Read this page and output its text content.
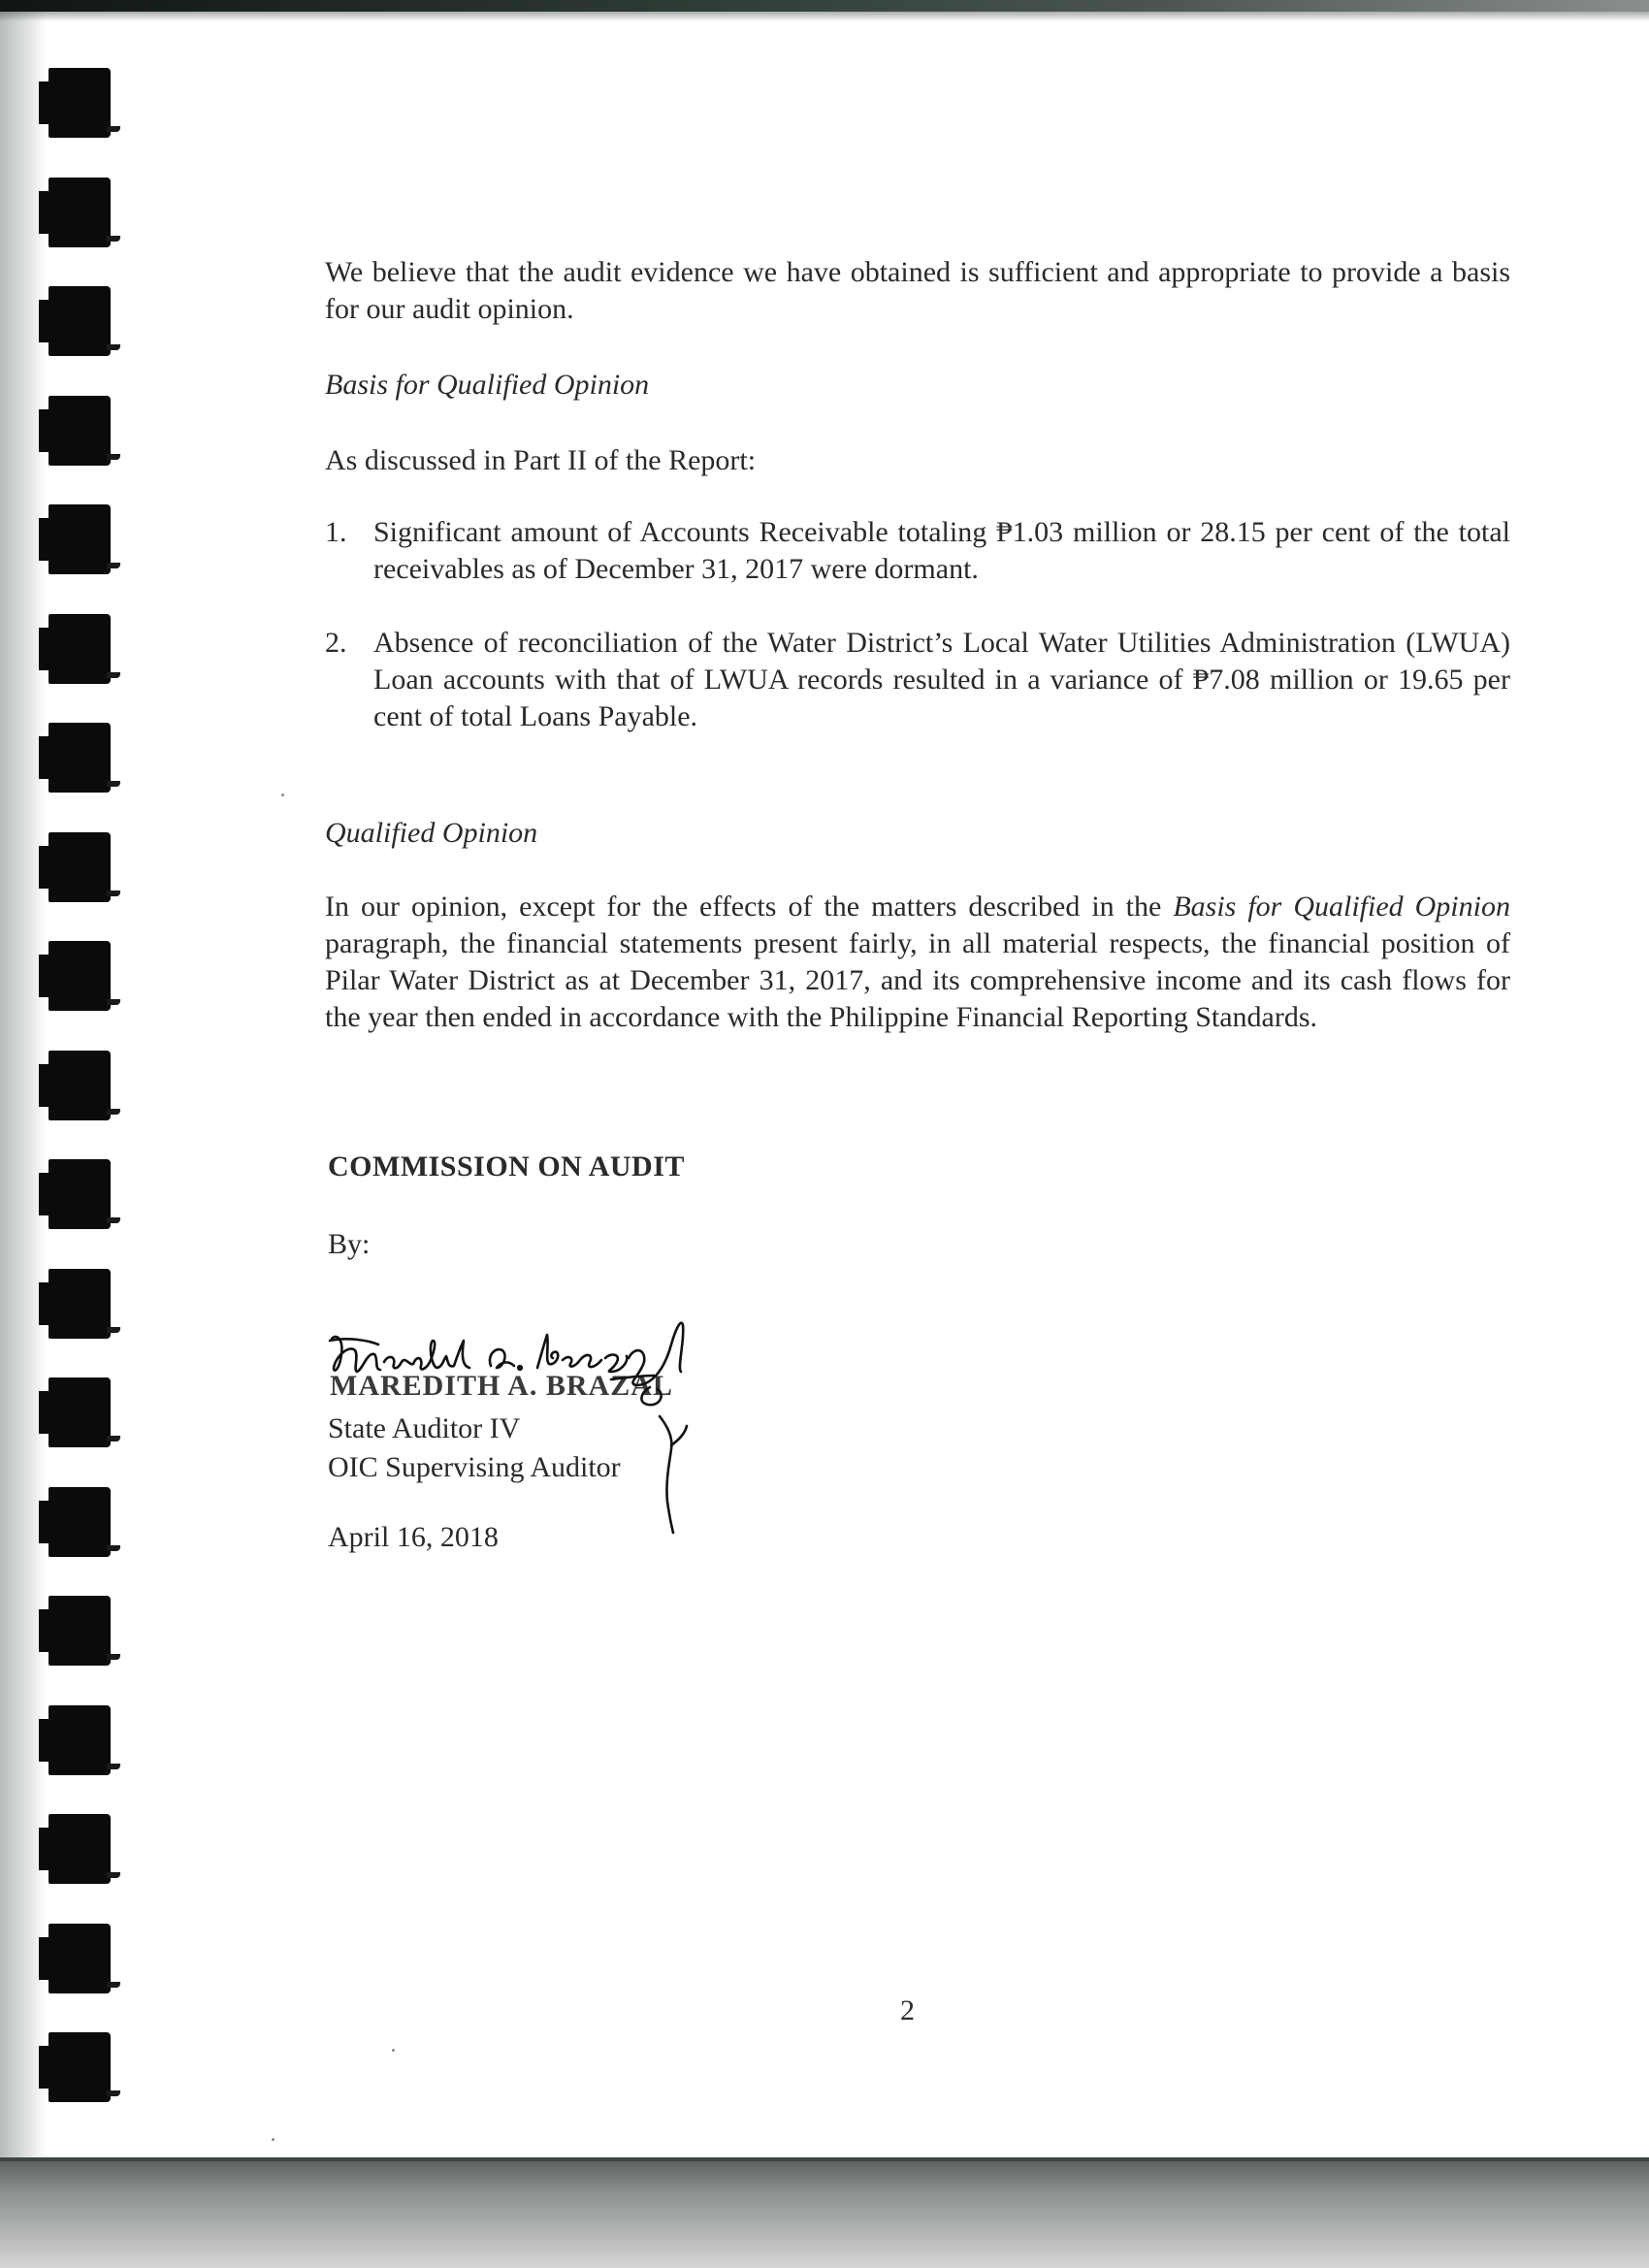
We believe that the audit evidence we have obtained is sufficient and appropriate to provide a basis for our audit opinion.

Basis for Qualified Opinion

As discussed in Part II of the Report:

1. Significant amount of Accounts Receivable totaling ₱1.03 million or 28.15 per cent of the total receivables as of December 31, 2017 were dormant.
2. Absence of reconciliation of the Water District’s Local Water Utilities Administration (LWUA) Loan accounts with that of LWUA records resulted in a variance of ₱7.08 million or 19.65 per cent of total Loans Payable.

Qualified Opinion

In our opinion, except for the effects of the matters described in the Basis for Qualified Opinion paragraph, the financial statements present fairly, in all material respects, the financial position of Pilar Water District as at December 31, 2017, and its comprehensive income and its cash flows for the year then ended in accordance with the Philippine Financial Reporting Standards.

COMMISSION ON AUDIT

By:

MAREDITH A. BRAZAL

State Auditor IV

OIC Supervising Auditor

April 16, 2018

2
